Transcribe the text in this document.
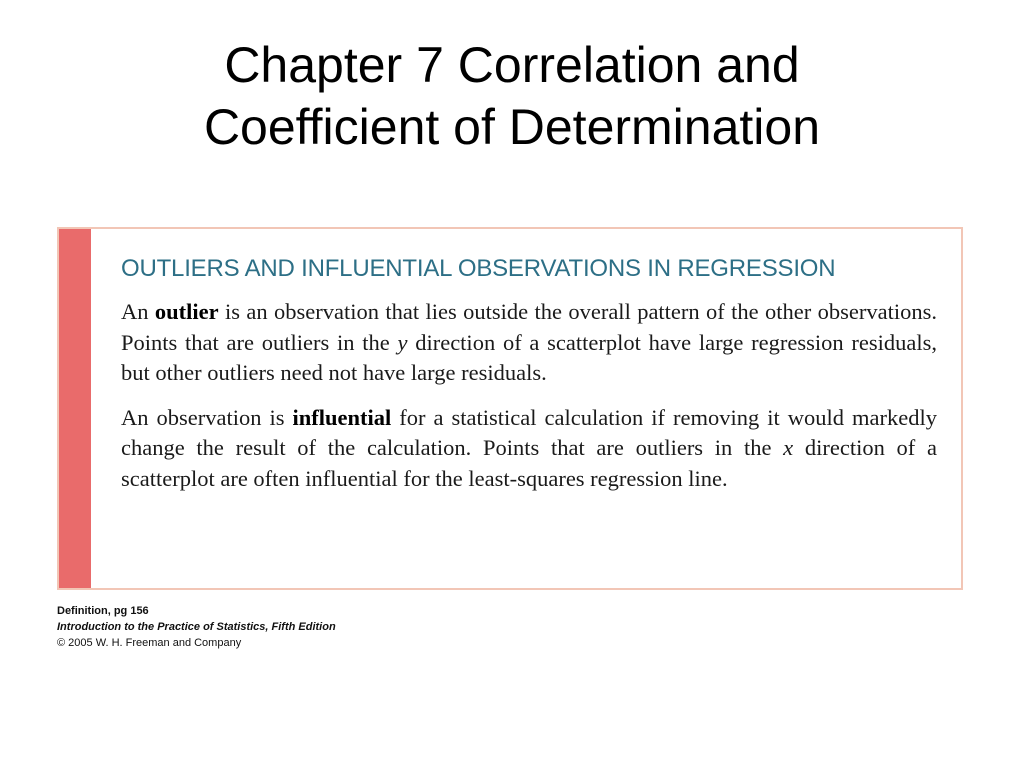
Chapter 7 Correlation and
Coefficient of Determination
OUTLIERS AND INFLUENTIAL OBSERVATIONS IN REGRESSION

An outlier is an observation that lies outside the overall pattern of the other observations. Points that are outliers in the y direction of a scatterplot have large regression residuals, but other outliers need not have large residuals.

An observation is influential for a statistical calculation if removing it would markedly change the result of the calculation. Points that are outliers in the x direction of a scatterplot are often influential for the least-squares regression line.

Definition, pg 156
Introduction to the Practice of Statistics, Fifth Edition
© 2005 W. H. Freeman and Company
